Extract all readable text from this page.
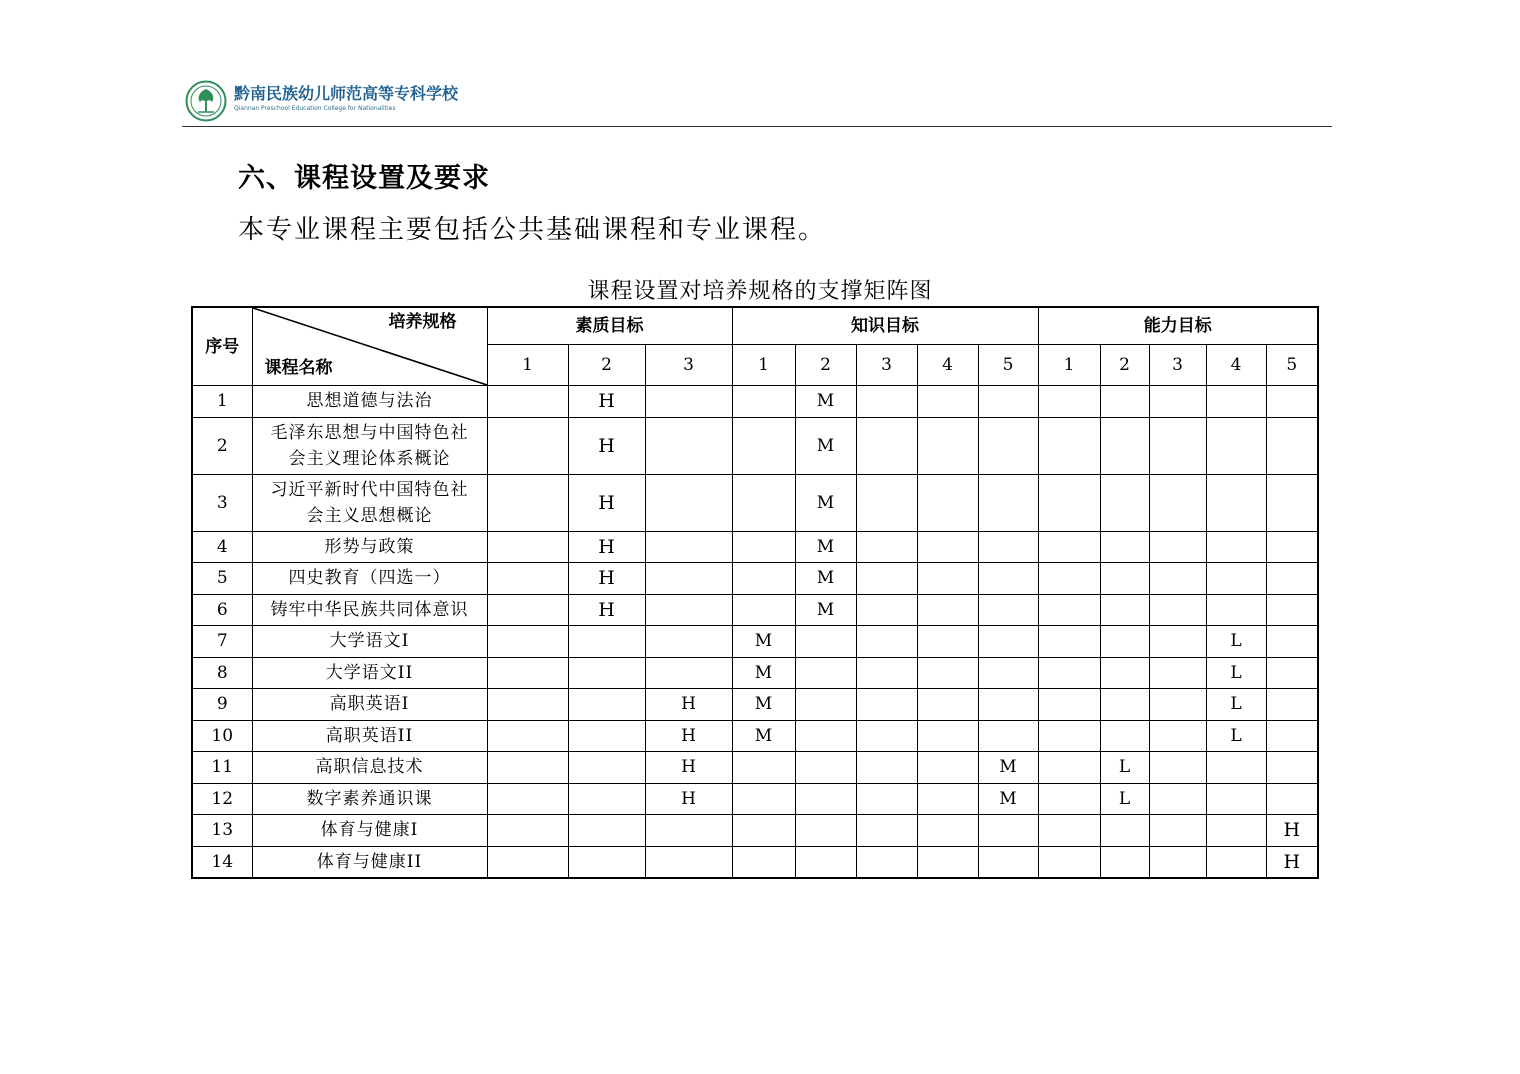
黔南民族幼儿师范高等专科学校
Qiannan Preschool Education College for Nationalities
六、课程设置及要求
本专业课程主要包括公共基础课程和专业课程。
课程设置对培养规格的支撑矩阵图
序号	培养规格
课程名称	素质目标			知识目标					能力目标				
		1	2	3	1	2	3	4	5	1	2	3	4	5
1	思想道德与法治		H			M								
2	毛泽东思想与中国特色社
会主义理论体系概论		H			M								
3	习近平新时代中国特色社
会主义思想概论		H			M								
4	形势与政策		H			M								
5	四史教育（四选一）		H			M								
6	铸牢中华民族共同体意识		H			M								
7	大学语文I				M								L	
8	大学语文II				M								L	
9	高职英语I			H	M								L	
10	高职英语II			H	M								L	
11	高职信息技术			H					M		L			
12	数字素养通识课			H					M		L			
13	体育与健康I													H
14	体育与健康II													H
